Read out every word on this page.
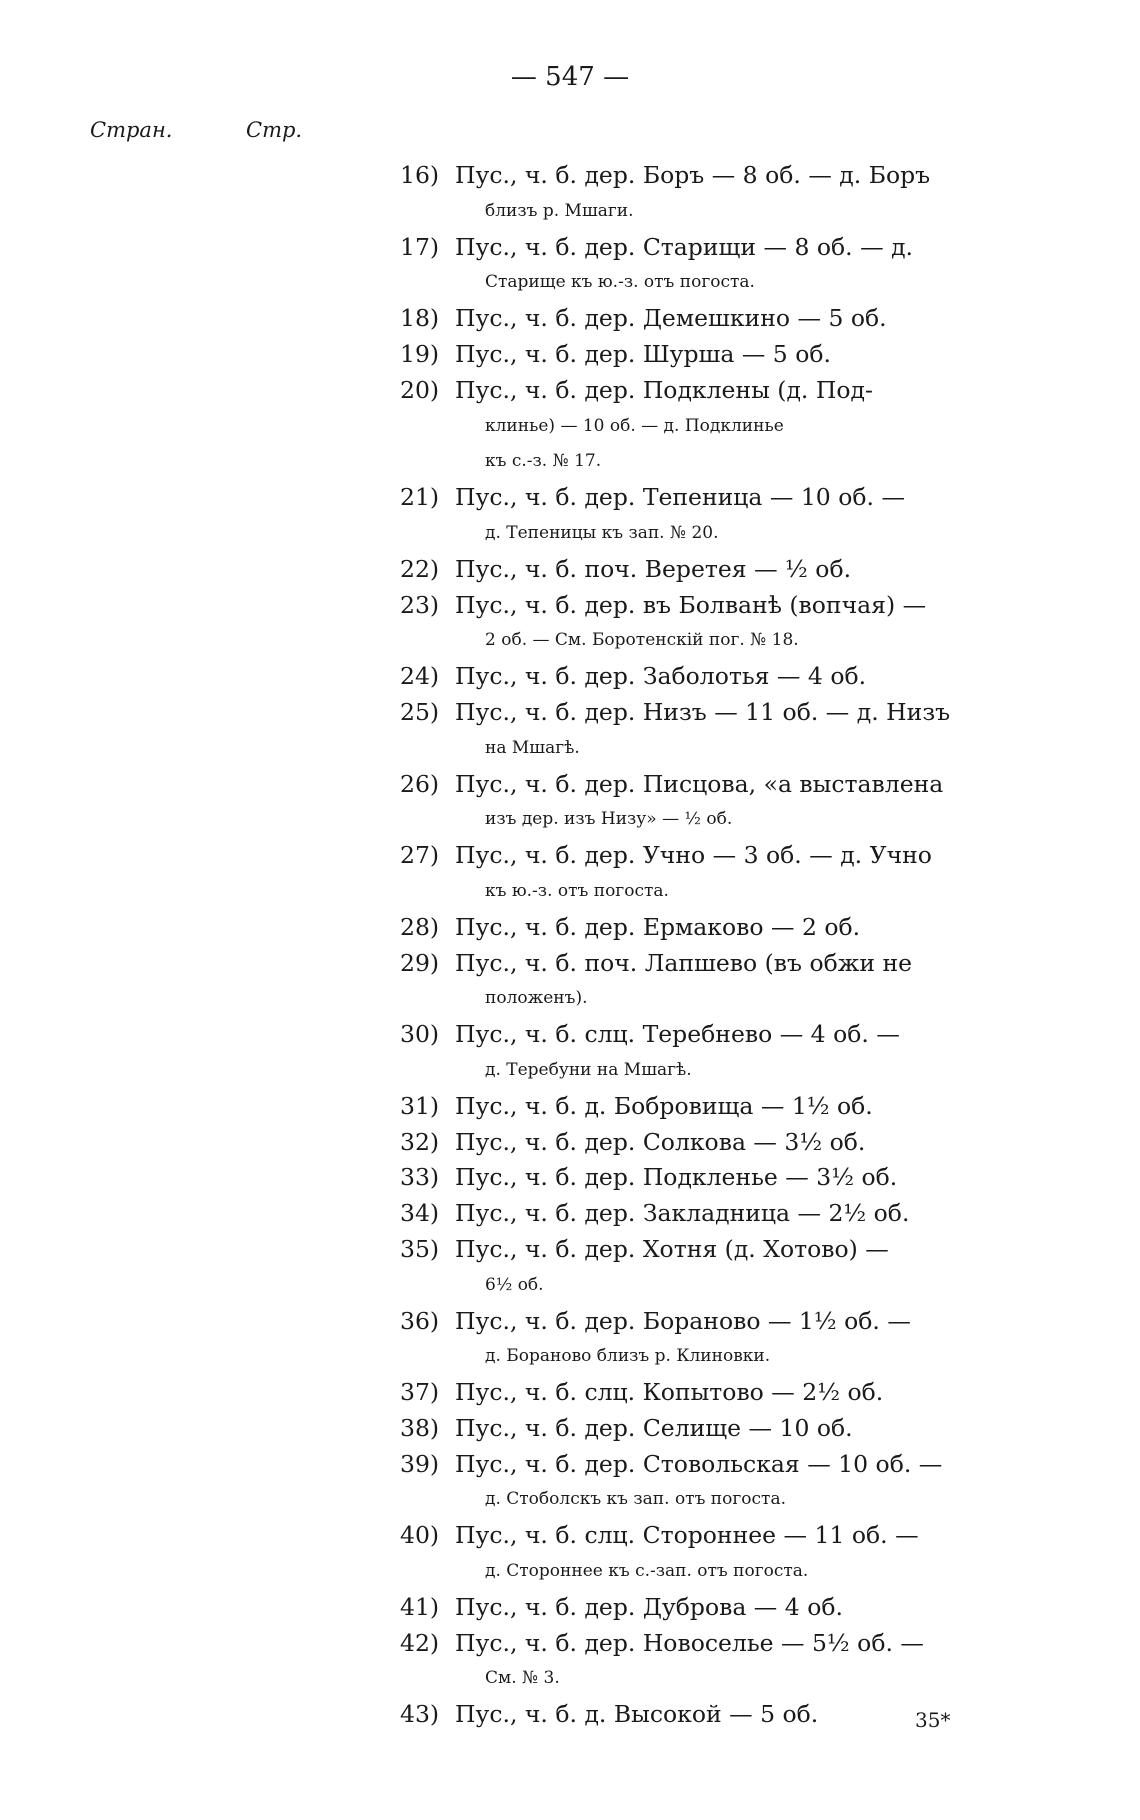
— 547 —
Стран.	Стр.
16) Пус., ч. б. дер. Боръ — 8 об. — д. Боръ
близъ р. Мшаги.
17) Пус., ч. б. дер. Старищи — 8 об. — д.
Старище къ ю.-з. отъ погоста.
18) Пус., ч. б. дер. Демешкино — 5 об.
19) Пус., ч. б. дер. Шурша — 5 об.
20) Пус., ч. б. дер. Подклены (д. Под-
клинье) — 10 об. — д. Подклинье
къ с.-з. № 17.
21) Пус., ч. б. дер. Тепеница — 10 об. —
д. Тепеницы къ зап. № 20.
22) Пус., ч. б. поч. Веретея — ½ об.
23) Пус., ч. б. дер. въ Болванѣ (вопчая) —
2 об. — См. Боротенскій пог. № 18.
24) Пус., ч. б. дер. Заболотья — 4 об.
25) Пус., ч. б. дер. Низъ — 11 об. — д. Низъ
на Мшагѣ.
26) Пус., ч. б. дер. Писцова, «а выставлена
изъ дер. изъ Низу» — ½ об.
27) Пус., ч. б. дер. Учно — 3 об. — д. Учно
къ ю.-з. отъ погоста.
28) Пус., ч. б. дер. Ермаково — 2 об.
29) Пус., ч. б. поч. Лапшево (въ обжи не
положенъ).
30) Пус., ч. б. слц. Теребнево — 4 об. —
д. Теребуни на Мшагѣ.
31) Пус., ч. б. д. Бобровища — 1½ об.
32) Пус., ч. б. дер. Солкова — 3½ об.
33) Пус., ч. б. дер. Подкленье — 3½ об.
34) Пус., ч. б. дер. Закладница — 2½ об.
35) Пус., ч. б. дер. Хотня (д. Хотово) —
6½ об.
36) Пус., ч. б. дер. Бораново — 1½ об. —
д. Бораново близъ р. Клиновки.
37) Пус., ч. б. слц. Копытово — 2½ об.
38) Пус., ч. б. дер. Селище — 10 об.
39) Пус., ч. б. дер. Стовольская — 10 об. —
д. Стоболскъ къ зап. отъ погоста.
40) Пус., ч. б. слц. Стороннее — 11 об. —
д. Стороннее къ с.-зап. отъ погоста.
41) Пус., ч. б. дер. Дуброва — 4 об.
42) Пус., ч. б. дер. Новоселье — 5½ об. —
См. № 3.
43) Пус., ч. б. д. Высокой — 5 об.	35*
